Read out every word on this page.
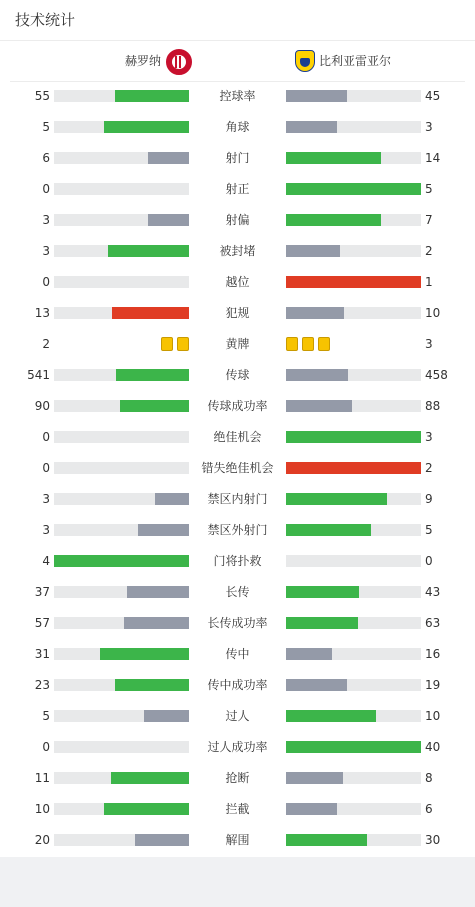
技术统计
赫罗纳	比利亚雷亚尔
55	控球率	45
5	角球	3
6	射门	14
0	射正	5
3	射偏	7
3	被封堵	2
0	越位	1
13	犯规	10
2	黄牌	3
541	传球	458
90	传球成功率	88
0	绝佳机会	3
0	错失绝佳机会	2
3	禁区内射门	9
3	禁区外射门	5
4	门将扑救	0
37	长传	43
57	长传成功率	63
31	传中	16
23	传中成功率	19
5	过人	10
0	过人成功率	40
11	抢断	8
10	拦截	6
20	解围	30
